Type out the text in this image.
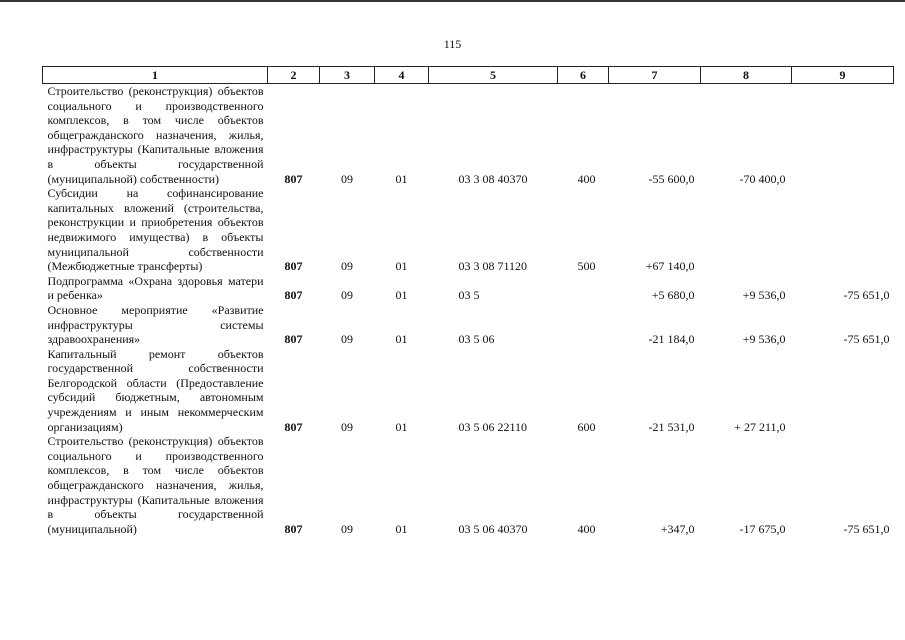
115
1	2	3	4	5	6	7	8	9
Строительство (реконструкция) объектов социального и производственного комплексов, в том числе объектов общегражданского назначения, жилья, инфраструктуры (Капитальные вложения в объекты государственной (муниципальной) собственности)	807	09	01	03 3 08 40370	400	-55 600,0	-70 400,0	
Субсидии на софинансирование капитальных вложений (строительства, реконструкции и приобретения объектов недвижимого имущества) в объекты муниципальной собственности (Межбюджетные трансферты)	807	09	01	03 3 08 71120	500	+67 140,0		
Подпрограмма «Охрана здоровья матери и ребенка»	807	09	01	03 5		+5 680,0	+9 536,0	-75 651,0
Основное мероприятие «Развитие инфраструктуры системы здравоохранения»	807	09	01	03 5 06		-21 184,0	+9 536,0	-75 651,0
Капитальный ремонт объектов государственной собственности Белгородской области (Предоставление субсидий бюджетным, автономным учреждениям и иным некоммерческим организациям)	807	09	01	03 5 06 22110	600	-21 531,0	+ 27 211,0	
Строительство (реконструкция) объектов социального и производственного комплексов, в том числе объектов общегражданского назначения, жилья, инфраструктуры (Капитальные вложения в объекты государственной (муниципальной)	807	09	01	03 5 06 40370	400	+347,0	-17 675,0	-75 651,0
